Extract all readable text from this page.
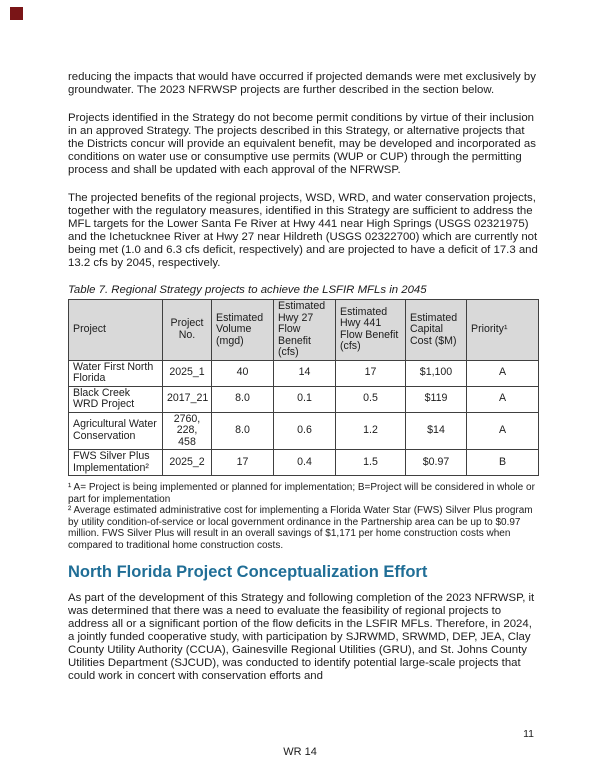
reducing the impacts that would have occurred if projected demands were met exclusively by groundwater. The 2023 NFRWSP projects are further described in the section below.

Projects identified in the Strategy do not become permit conditions by virtue of their inclusion in an approved Strategy. The projects described in this Strategy, or alternative projects that the Districts concur will provide an equivalent benefit, may be developed and incorporated as conditions on water use or consumptive use permits (WUP or CUP) through the permitting process and shall be updated with each approval of the NFRWSP.

The projected benefits of the regional projects, WSD, WRD, and water conservation projects, together with the regulatory measures, identified in this Strategy are sufficient to address the MFL targets for the Lower Santa Fe River at Hwy 441 near High Springs (USGS 02321975) and the Ichetucknee River at Hwy 27 near Hildreth (USGS 02322700) which are currently not being met (1.0 and 6.3 cfs deficit, respectively) and are projected to have a deficit of 17.3 and 13.2 cfs by 2045, respectively.

Table 7. Regional Strategy projects to achieve the LSFIR MFLs in 2045
Project	Project No.	Estimated Volume (mgd)	Estimated Hwy 27 Flow Benefit (cfs)	Estimated Hwy 441 Flow Benefit (cfs)	Estimated Capital Cost ($M)	Priority¹
Water First North Florida	2025_1	40	14	17	$1,100	A
Black Creek WRD Project	2017_21	8.0	0.1	0.5	$119	A
Agricultural Water Conservation	2760, 228, 458	8.0	0.6	1.2	$14	A
FWS Silver Plus Implementation²	2025_2	17	0.4	1.5	$0.97	B
¹ A= Project is being implemented or planned for implementation; B=Project will be considered in whole or part for implementation
² Average estimated administrative cost for implementing a Florida Water Star (FWS) Silver Plus program by utility condition-of-service or local government ordinance in the Partnership area can be up to $0.97 million. FWS Silver Plus will result in an overall savings of $1,171 per home construction costs when compared to traditional home construction costs.
North Florida Project Conceptualization Effort

As part of the development of this Strategy and following completion of the 2023 NFRWSP, it was determined that there was a need to evaluate the feasibility of regional projects to address all or a significant portion of the flow deficits in the LSFIR MFLs. Therefore, in 2024, a jointly funded cooperative study, with participation by SJRWMD, SRWMD, DEP, JEA, Clay County Utility Authority (CCUA), Gainesville Regional Utilities (GRU), and St. Johns County Utilities Department (SJCUD), was conducted to identify potential large-scale projects that could work in concert with conservation efforts and

11
WR 14
